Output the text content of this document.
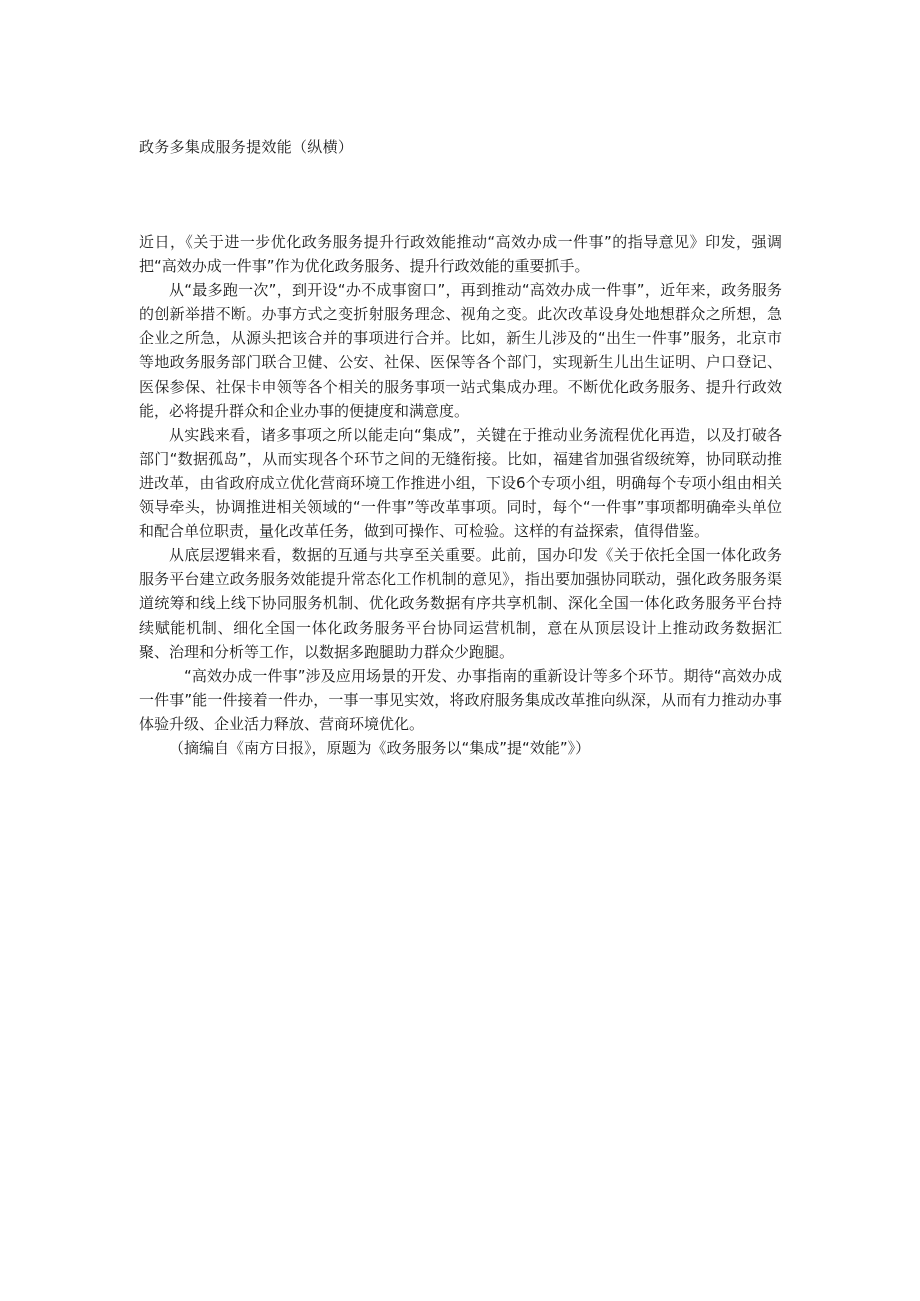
政务多集成服务提效能（纵横）

近日，《关于进一步优化政务服务提升行政效能推动“高效办成一件事”的指导意见》印发，强调把“高效办成一件事”作为优化政务服务、提升行政效能的重要抓手。

从“最多跑一次”，到开设“办不成事窗口”，再到推动“高效办成一件事”，近年来，政务服务的创新举措不断。办事方式之变折射服务理念、视角之变。此次改革设身处地想群众之所想，急企业之所急，从源头把该合并的事项进行合并。比如，新生儿涉及的“出生一件事”服务，北京市等地政务服务部门联合卫健、公安、社保、医保等各个部门，实现新生儿出生证明、户口登记、医保参保、社保卡申领等各个相关的服务事项一站式集成办理。不断优化政务服务、提升行政效能，必将提升群众和企业办事的便捷度和满意度。

从实践来看，诸多事项之所以能走向“集成”，关键在于推动业务流程优化再造，以及打破各部门“数据孤岛”，从而实现各个环节之间的无缝衔接。比如，福建省加强省级统筹，协同联动推进改革，由省政府成立优化营商环境工作推进小组，下设6个专项小组，明确每个专项小组由相关领导牵头，协调推进相关领域的“一件事”等改革事项。同时，每个“一件事”事项都明确牵头单位和配合单位职责，量化改革任务，做到可操作、可检验。这样的有益探索，值得借鉴。

从底层逻辑来看，数据的互通与共享至关重要。此前，国办印发《关于依托全国一体化政务服务平台建立政务服务效能提升常态化工作机制的意见》，指出要加强协同联动，强化政务服务渠道统筹和线上线下协同服务机制、优化政务数据有序共享机制、深化全国一体化政务服务平台持续赋能机制、细化全国一体化政务服务平台协同运营机制，意在从顶层设计上推动政务数据汇聚、治理和分析等工作，以数据多跑腿助力群众少跑腿。

“高效办成一件事”涉及应用场景的开发、办事指南的重新设计等多个环节。期待“高效办成一件事”能一件接着一件办，一事一事见实效，将政府服务集成改革推向纵深，从而有力推动办事体验升级、企业活力释放、营商环境优化。

（摘编自《南方日报》，原题为《政务服务以“集成”提“效能”》）
